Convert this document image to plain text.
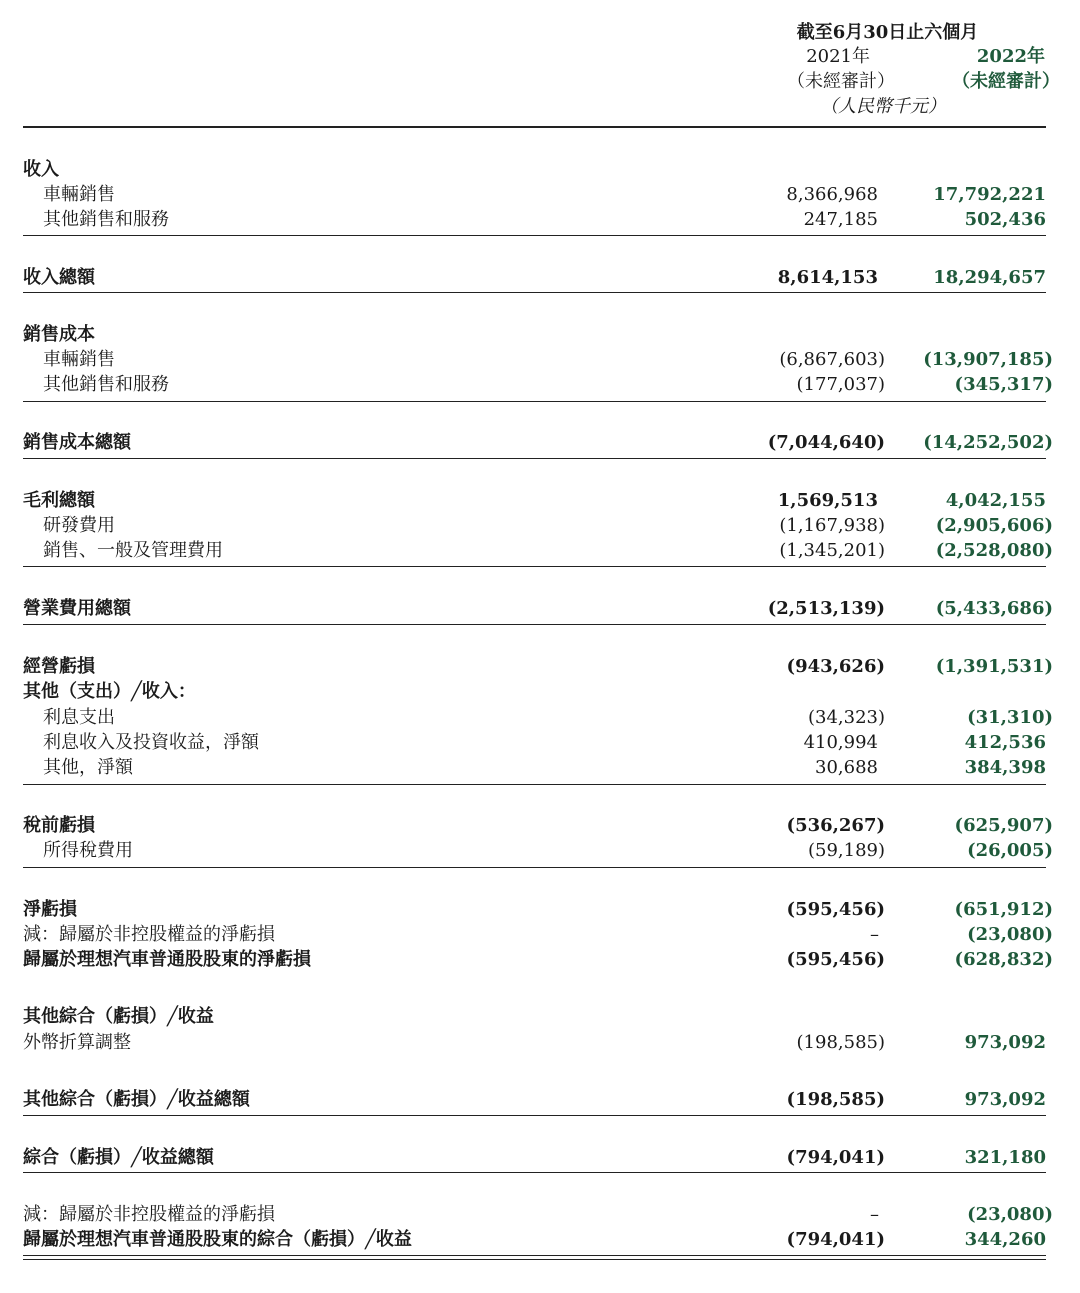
截至6月30日止六個月
2021年	2022年
（未經審計）	（未經審計）
（人民幣千元）
收入
車輛銷售	8,366,968	17,792,221
其他銷售和服務	247,185	502,436
收入總額	8,614,153	18,294,657
銷售成本
車輛銷售	(6,867,603) (13,907,185)
其他銷售和服務	(177,037)	(345,317)
銷售成本總額	(7,044,640) (14,252,502)
毛利總額	1,569,513	4,042,155
研發費用	(1,167,938)	(2,905,606)
銷售、一般及管理費用	(1,345,201)	(2,528,080)
營業費用總額	(2,513,139)	(5,433,686)
經營虧損	(943,626)	(1,391,531)
其他（支出）╱收入：
利息支出	(34,323)	(31,310)
利息收入及投資收益，淨額	410,994	412,536
其他，淨額	30,688	384,398
稅前虧損	(536,267)	(625,907)
所得稅費用	(59,189)	(26,005)
淨虧損	(595,456)	(651,912)
減：歸屬於非控股權益的淨虧損	–	(23,080)
歸屬於理想汽車普通股股東的淨虧損	(595,456)	(628,832)
其他綜合（虧損）╱收益
外幣折算調整	(198,585)	973,092
其他綜合（虧損）╱收益總額	(198,585)	973,092
綜合（虧損）╱收益總額	(794,041)	321,180
減：歸屬於非控股權益的淨虧損	–	(23,080)
歸屬於理想汽車普通股股東的綜合（虧損）╱收益	(794,041)	344,260
